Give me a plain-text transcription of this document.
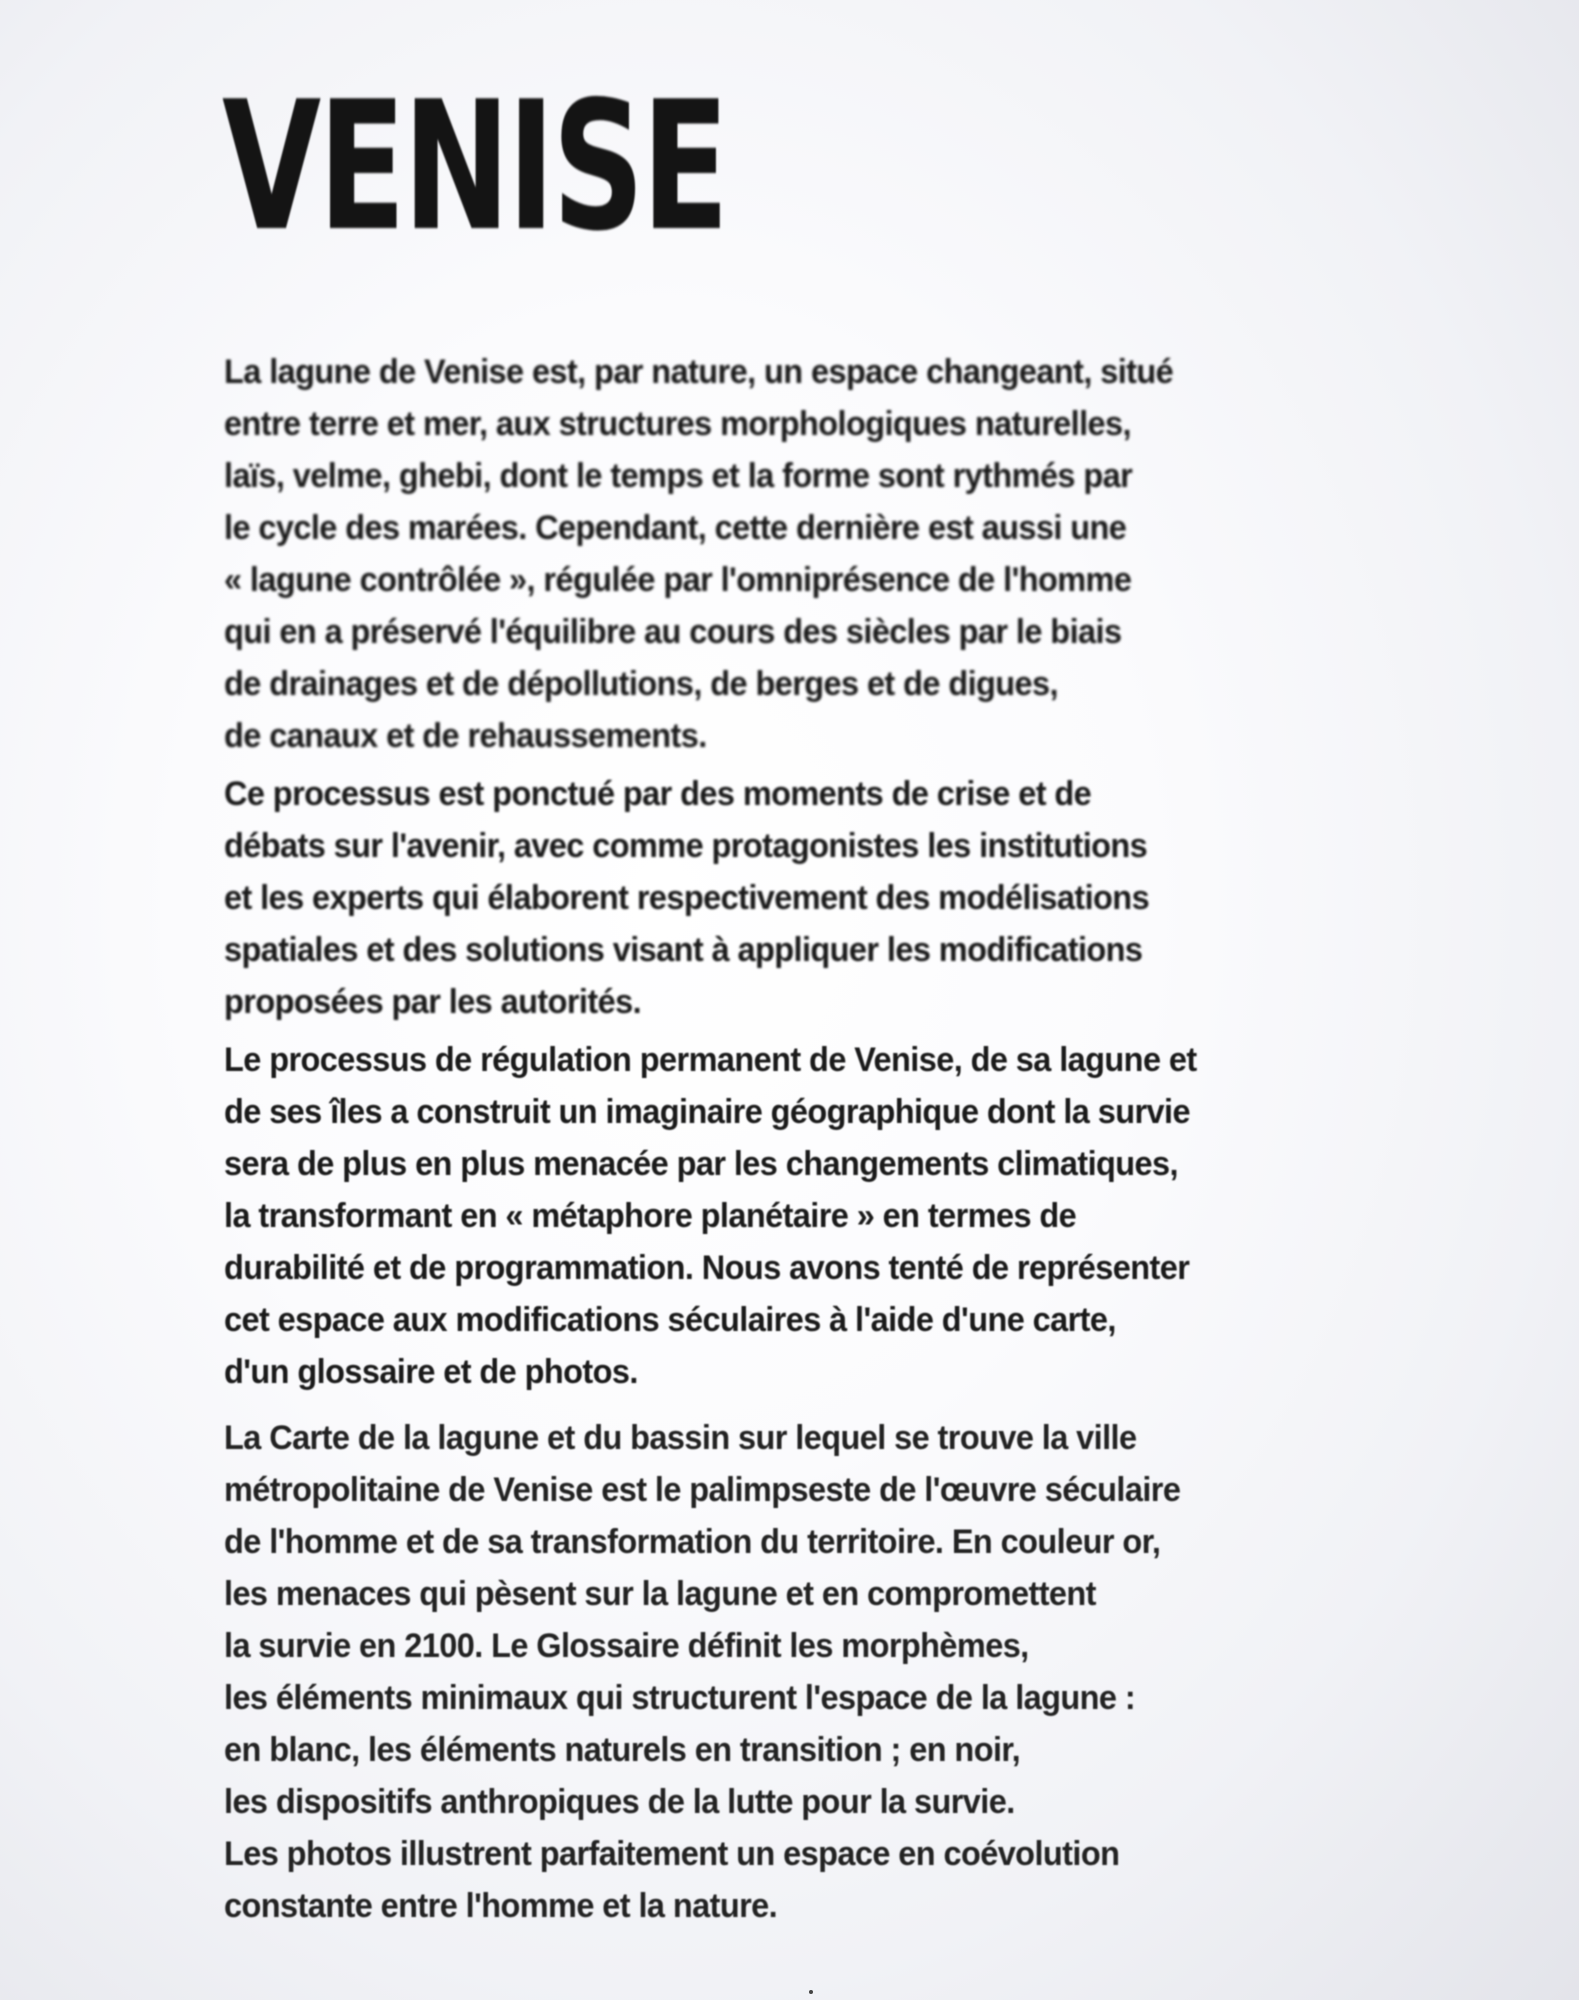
VENISE
La lagune de Venise est, par nature, un espace changeant, situé
entre terre et mer, aux structures morphologiques naturelles,
laïs, velme, ghebi, dont le temps et la forme sont rythmés par
le cycle des marées. Cependant, cette dernière est aussi une
« lagune contrôlée », régulée par l'omniprésence de l'homme
qui en a préservé l'équilibre au cours des siècles par le biais
de drainages et de dépollutions, de berges et de digues,
de canaux et de rehaussements.
Ce processus est ponctué par des moments de crise et de
débats sur l'avenir, avec comme protagonistes les institutions
et les experts qui élaborent respectivement des modélisations
spatiales et des solutions visant à appliquer les modifications
proposées par les autorités.
Le processus de régulation permanent de Venise, de sa lagune et
de ses îles a construit un imaginaire géographique dont la survie
sera de plus en plus menacée par les changements climatiques,
la transformant en « métaphore planétaire » en termes de
durabilité et de programmation. Nous avons tenté de représenter
cet espace aux modifications séculaires à l'aide d'une carte,
d'un glossaire et de photos.
La Carte de la lagune et du bassin sur lequel se trouve la ville
métropolitaine de Venise est le palimpseste de l'œuvre séculaire
de l'homme et de sa transformation du territoire. En couleur or,
les menaces qui pèsent sur la lagune et en compromettent
la survie en 2100. Le Glossaire définit les morphèmes,
les éléments minimaux qui structurent l'espace de la lagune :
en blanc, les éléments naturels en transition ; en noir,
les dispositifs anthropiques de la lutte pour la survie.
Les photos illustrent parfaitement un espace en coévolution
constante entre l'homme et la nature.
